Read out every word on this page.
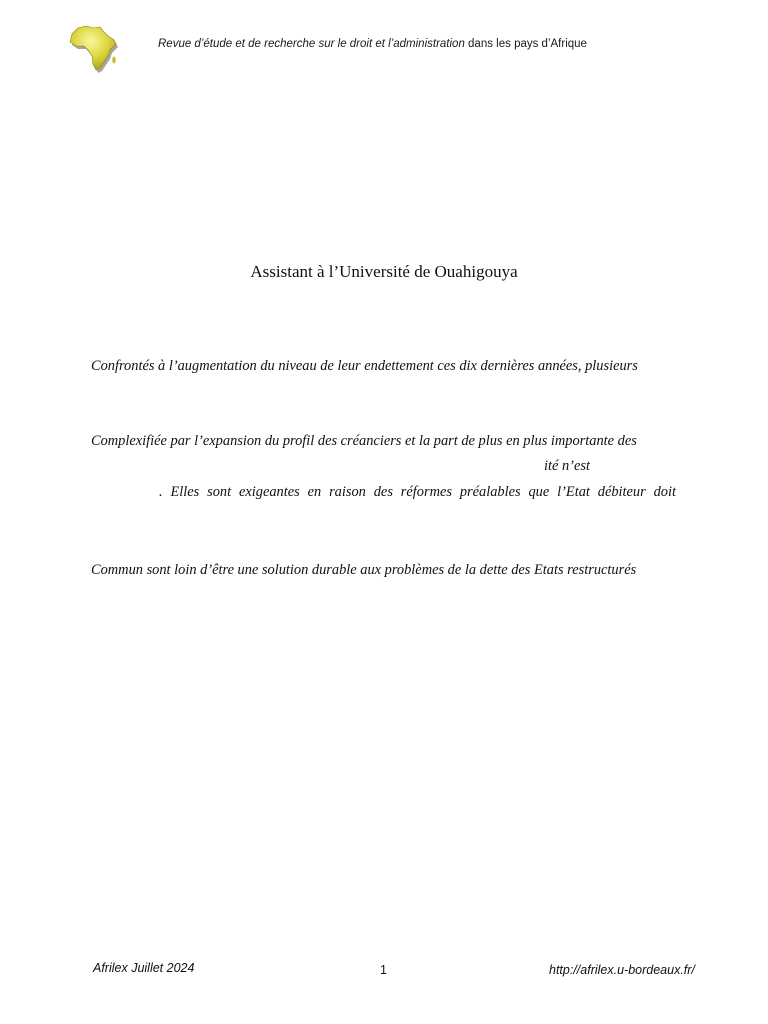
Revue d’étude et de recherche sur le droit et l’administration dans les pays d’Afrique
Assistant à l’Université de Ouahigouya
Confrontés à l’augmentation du niveau de leur endettement ces dix dernières années, plusieurs
Complexifiée par l’expansion du profil des créanciers et la part de plus en plus importante des
ité n’est
. Elles sont exigeantes en raison des réformes préalables que l’Etat débiteur doit
Commun sont loin d’être une solution durable aux problèmes de la dette des Etats restructurés
Afrilex Juillet 2024	1	http://afrilex.u-bordeaux.fr/
